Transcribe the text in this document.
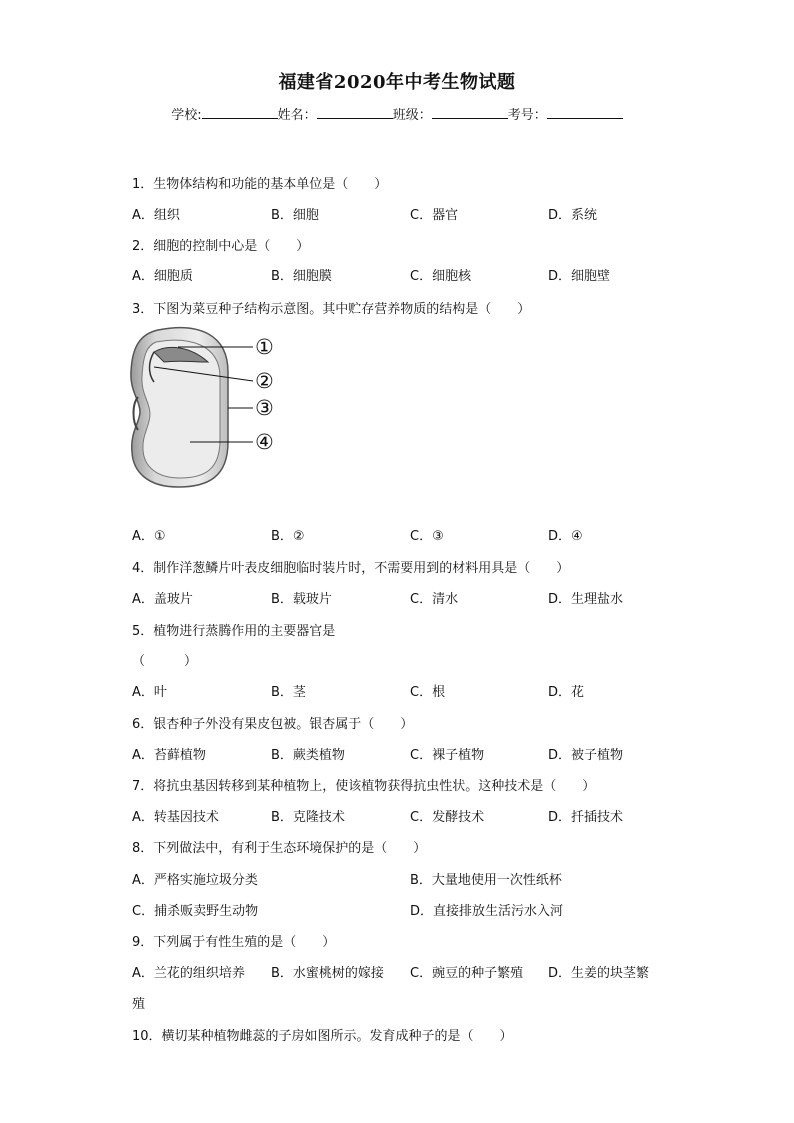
福建省2020年中考生物试题
学校:	姓名：	班级：	考号：
1．生物体结构和功能的基本单位是（　　）
A．组织	B．细胞	C．器官	D．系统
2．细胞的控制中心是（　　）
A．细胞质	B．细胞膜	C．细胞核	D．细胞壁
3．下图为菜豆种子结构示意图。其中贮存营养物质的结构是（　　）
①
②
③
④
A．①	B．②	C．③	D．④
4．制作洋葱鳞片叶表皮细胞临时装片时，不需要用到的材料用具是（　　）
A．盖玻片	B．载玻片	C．清水	D．生理盐水
5．植物进行蒸腾作用的主要器官是
（　　　）
A．叶	B．茎	C．根	D．花
6．银杏种子外没有果皮包被。银杏属于（　　）
A．苔藓植物	B．蕨类植物	C．裸子植物	D．被子植物
7．将抗虫基因转移到某种植物上，使该植物获得抗虫性状。这种技术是（　　）
A．转基因技术	B．克隆技术	C．发酵技术	D．扦插技术
8．下列做法中，有利于生态环境保护的是（　　）
A．严格实施垃圾分类	B．大量地使用一次性纸杯
C．捕杀贩卖野生动物	D．直接排放生活污水入河
9．下列属于有性生殖的是（　　）
A．兰花的组织培养 B．水蜜桃树的嫁接 C．豌豆的种子繁殖 D．生姜的块茎繁
殖
10．横切某种植物雌蕊的子房如图所示。发育成种子的是（　　）
